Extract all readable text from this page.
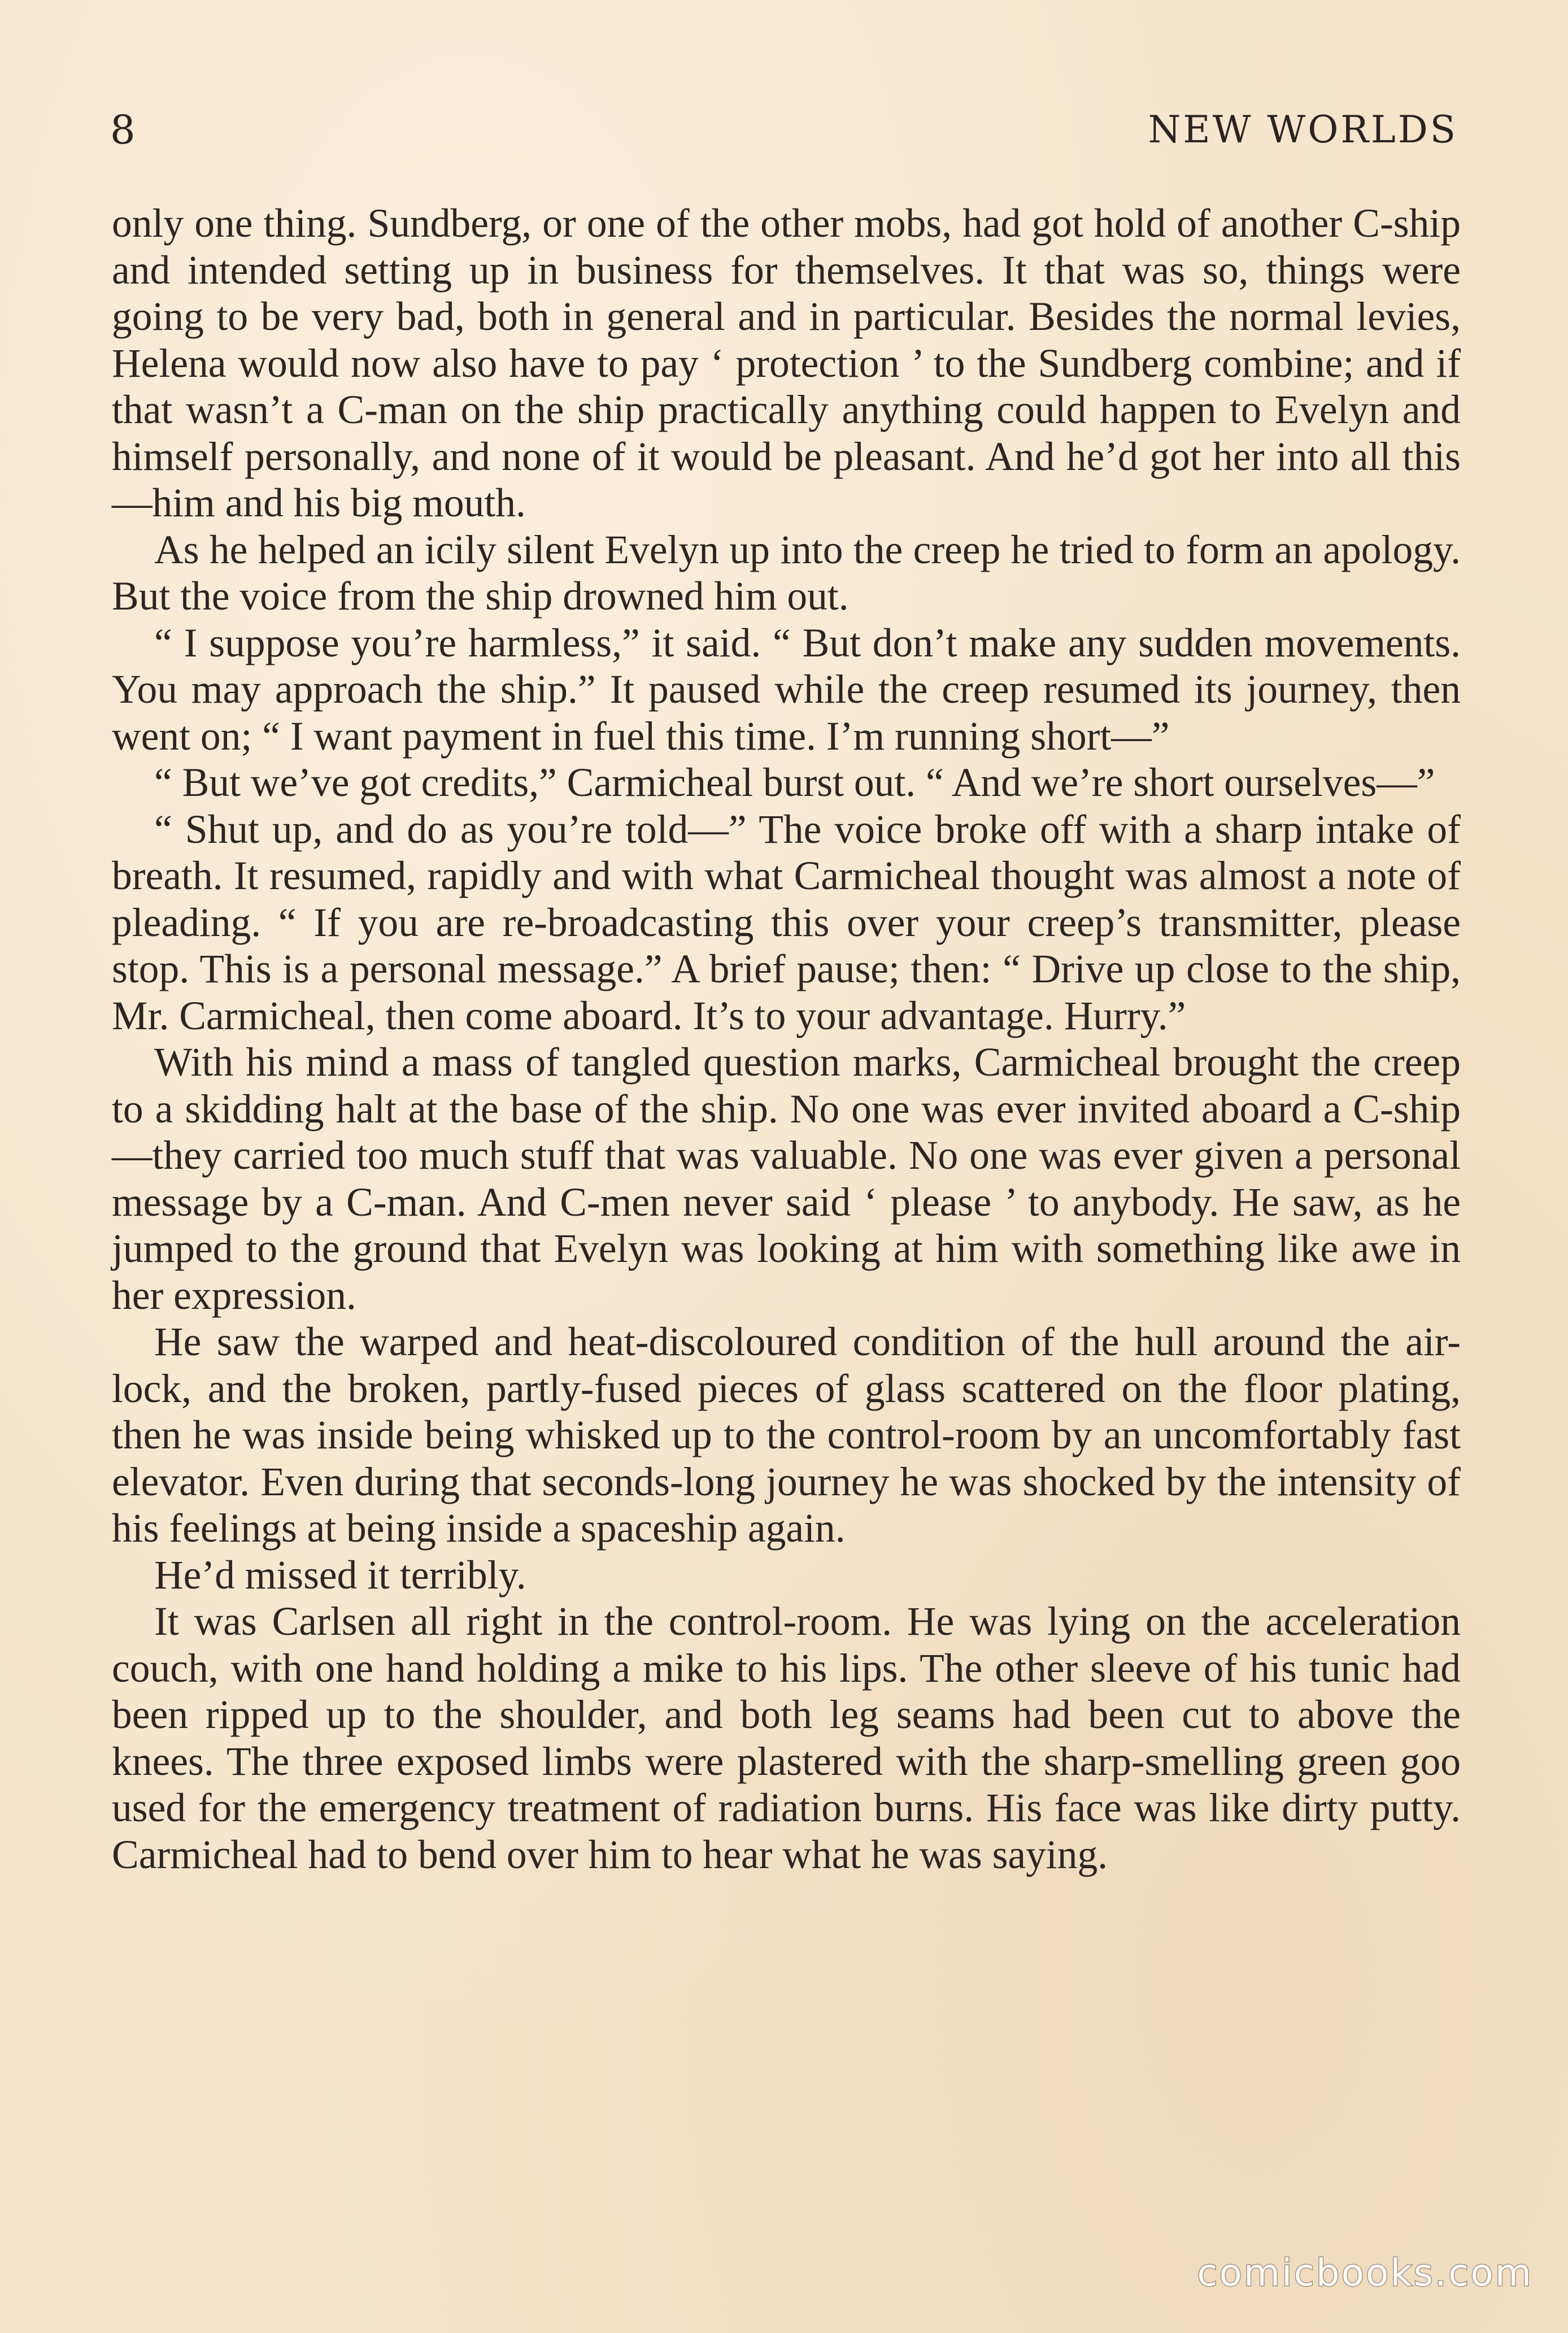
8	NEW WORLDS

only one thing. Sundberg, or one of the other mobs, had got hold of another C-ship and intended setting up in business for themselves. It that was so, things were going to be very bad, both in general and in particular. Besides the normal levies, Helena would now also have to pay ‘ protection ’ to the Sundberg combine; and if that wasn’t a C-man on the ship practically anything could happen to Evelyn and himself personally, and none of it would be pleasant. And he’d got her into all this—him and his big mouth.

As he helped an icily silent Evelyn up into the creep he tried to form an apology. But the voice from the ship drowned him out.

“ I suppose you’re harmless,” it said. “ But don’t make any sudden movements. You may approach the ship.” It paused while the creep resumed its journey, then went on; “ I want payment in fuel this time. I’m running short—”

“ But we’ve got credits,” Carmicheal burst out. “ And we’re short ourselves—”

“ Shut up, and do as you’re told—” The voice broke off with a sharp intake of breath. It resumed, rapidly and with what Carmicheal thought was almost a note of pleading. “ If you are re-broadcasting this over your creep’s transmitter, please stop. This is a personal message.” A brief pause; then: “ Drive up close to the ship, Mr. Carmicheal, then come aboard. It’s to your advantage. Hurry.”

With his mind a mass of tangled question marks, Carmicheal brought the creep to a skidding halt at the base of the ship. No one was ever invited aboard a C-ship—they carried too much stuff that was valuable. No one was ever given a personal message by a C-man. And C-men never said ‘ please ’ to anybody. He saw, as he jumped to the ground that Evelyn was looking at him with something like awe in her expression.

He saw the warped and heat-discoloured condition of the hull around the air-lock, and the broken, partly-fused pieces of glass scattered on the floor plating, then he was inside being whisked up to the control-room by an uncomfortably fast elevator. Even during that seconds-long journey he was shocked by the intensity of his feelings at being inside a spaceship again.

He’d missed it terribly.

It was Carlsen all right in the control-room. He was lying on the acceleration couch, with one hand holding a mike to his lips. The other sleeve of his tunic had been ripped up to the shoulder, and both leg seams had been cut to above the knees. The three exposed limbs were plastered with the sharp-smelling green goo used for the emergency treatment of radiation burns. His face was like dirty putty. Carmicheal had to bend over him to hear what he was saying.

comicbooks.com
